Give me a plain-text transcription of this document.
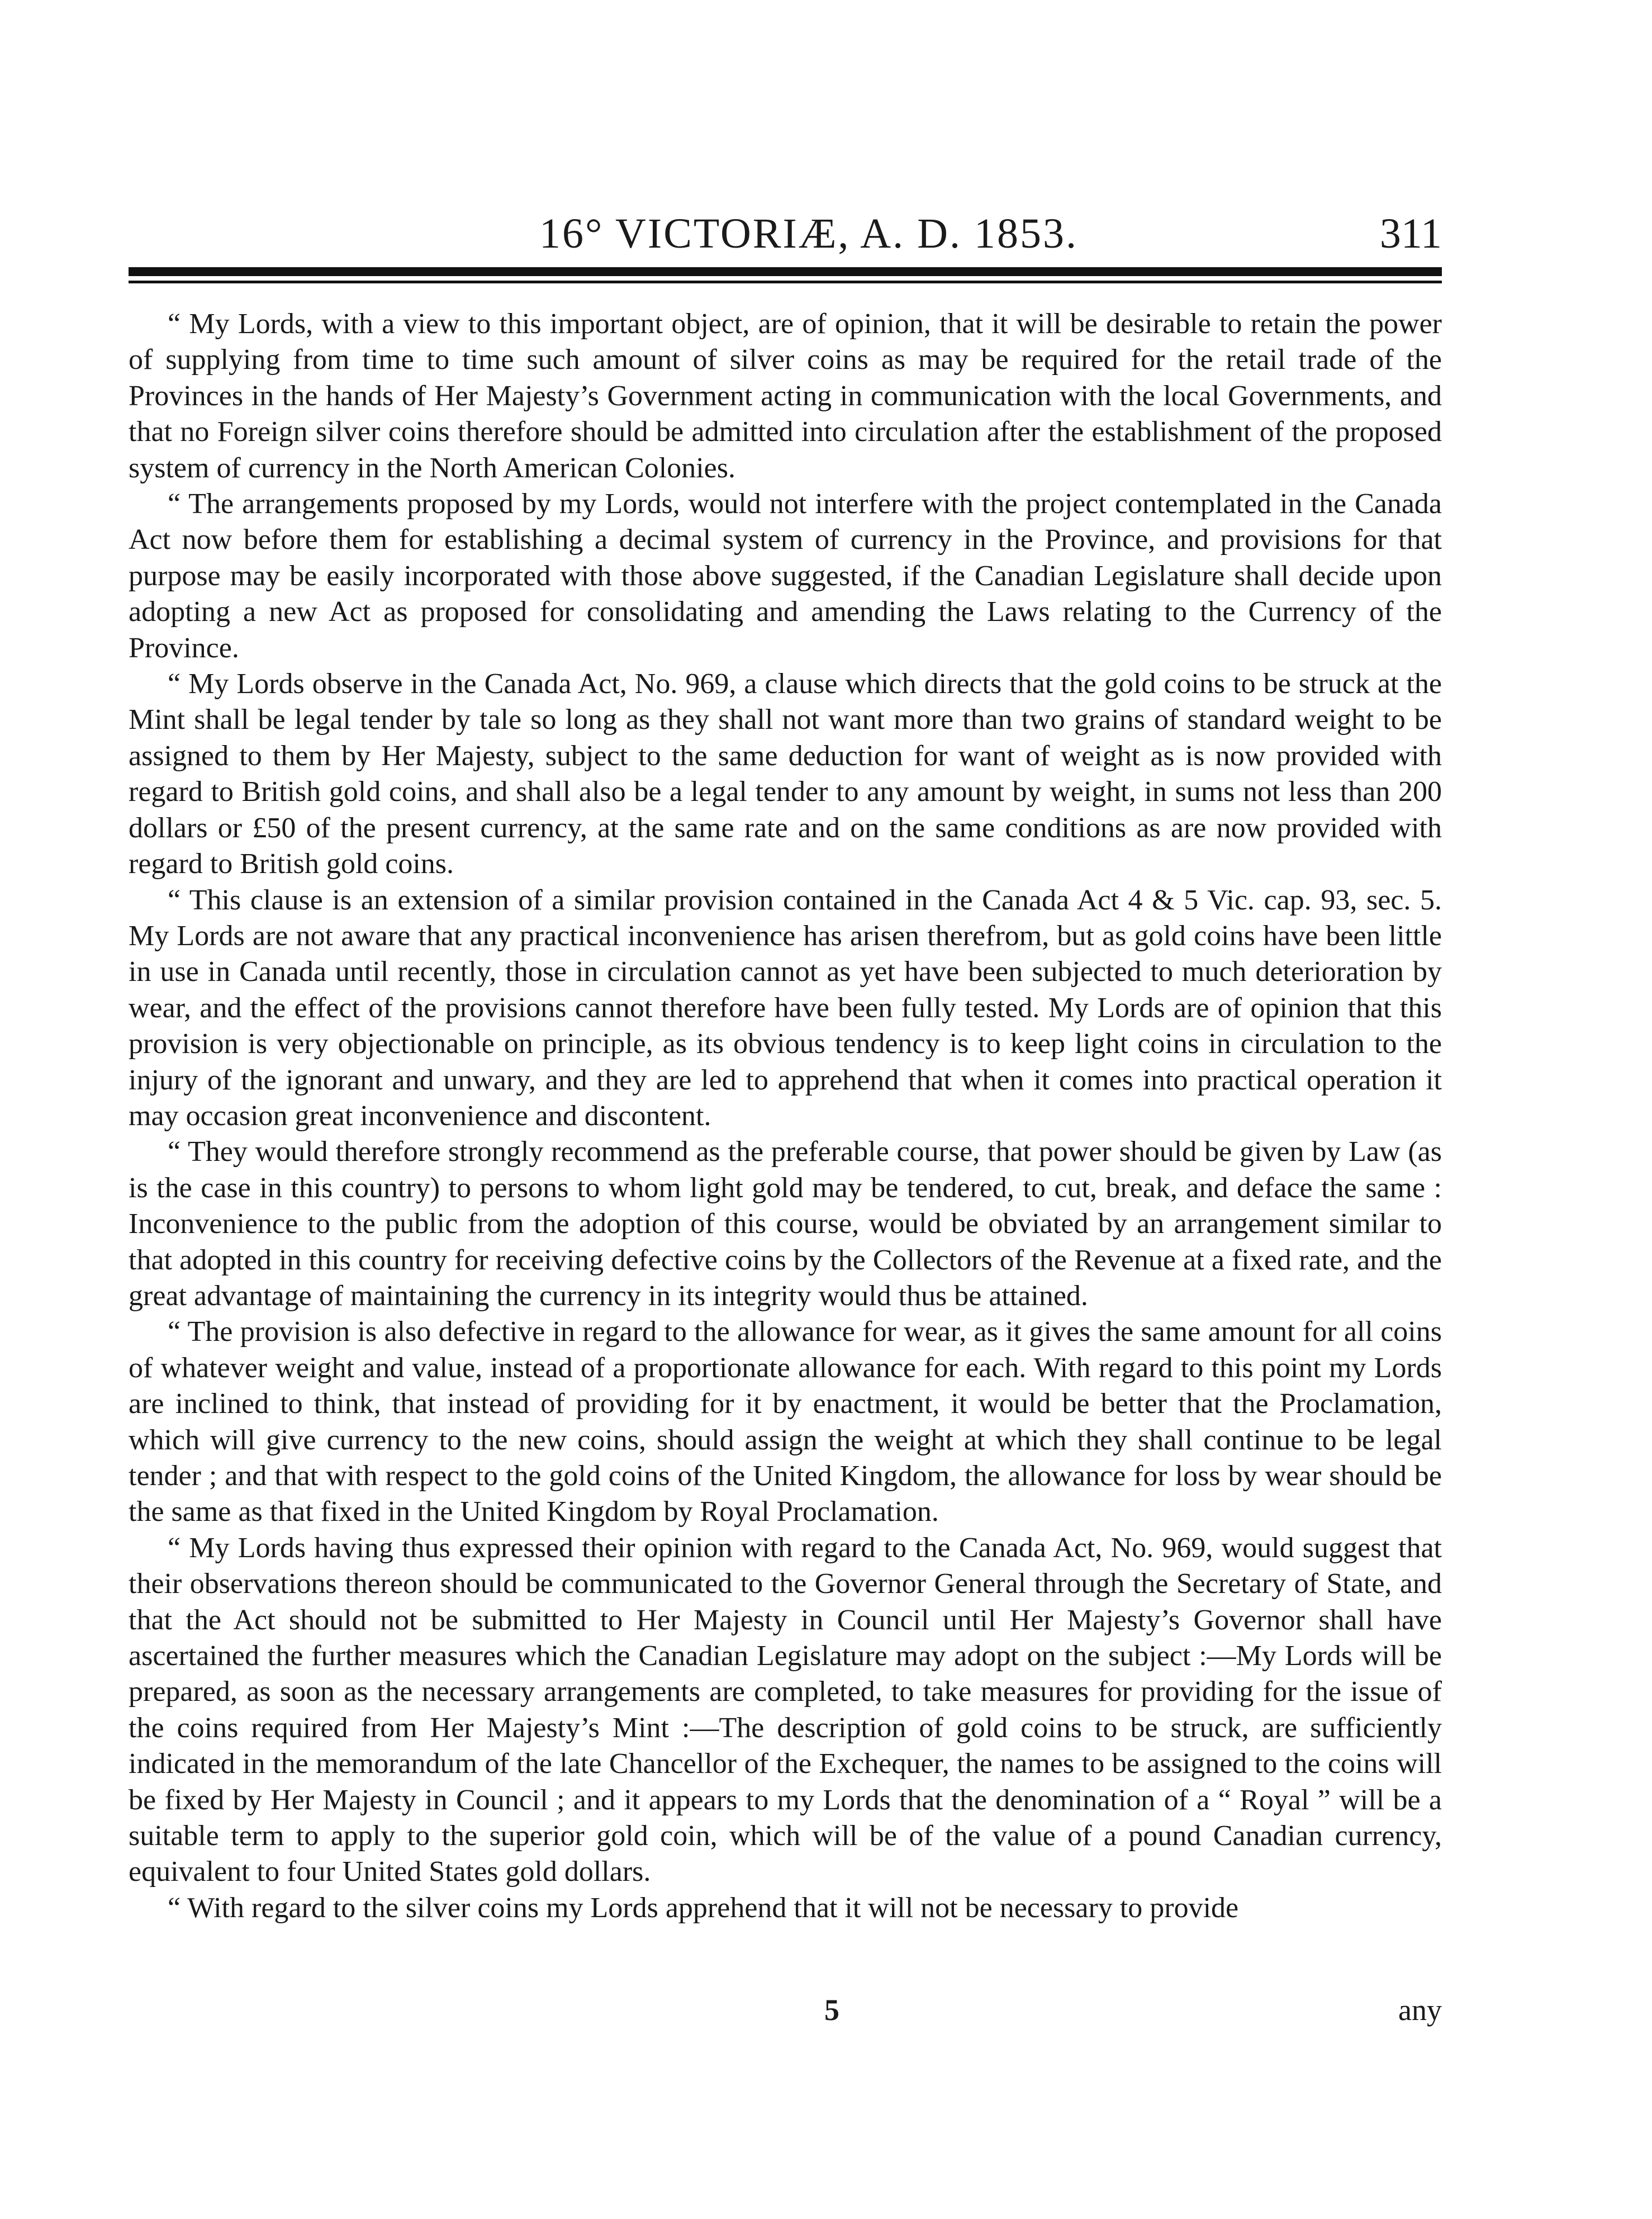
16° VICTORIÆ, A. D. 1853.	311

“ My Lords, with a view to this important object, are of opinion, that it will be desirable to retain the power of supplying from time to time such amount of silver coins as may be required for the retail trade of the Provinces in the hands of Her Majesty’s Government acting in communication with the local Governments, and that no Foreign silver coins therefore should be admitted into circulation after the establishment of the proposed system of currency in the North American Colonies.

“ The arrangements proposed by my Lords, would not interfere with the project contemplated in the Canada Act now before them for establishing a decimal system of currency in the Province, and provisions for that purpose may be easily incorporated with those above suggested, if the Canadian Legislature shall decide upon adopting a new Act as proposed for consolidating and amending the Laws relating to the Currency of the Province.

“ My Lords observe in the Canada Act, No. 969, a clause which directs that the gold coins to be struck at the Mint shall be legal tender by tale so long as they shall not want more than two grains of standard weight to be assigned to them by Her Majesty, subject to the same deduction for want of weight as is now provided with regard to British gold coins, and shall also be a legal tender to any amount by weight, in sums not less than 200 dollars or £50 of the present currency, at the same rate and on the same conditions as are now provided with regard to British gold coins.

“ This clause is an extension of a similar provision contained in the Canada Act 4 & 5 Vic. cap. 93, sec. 5. My Lords are not aware that any practical inconvenience has arisen therefrom, but as gold coins have been little in use in Canada until recently, those in circulation cannot as yet have been subjected to much deterioration by wear, and the effect of the provisions cannot therefore have been fully tested. My Lords are of opinion that this provision is very objectionable on principle, as its obvious tendency is to keep light coins in circulation to the injury of the ignorant and unwary, and they are led to apprehend that when it comes into practical operation it may occasion great inconvenience and discontent.

“ They would therefore strongly recommend as the preferable course, that power should be given by Law (as is the case in this country) to persons to whom light gold may be tendered, to cut, break, and deface the same : Inconvenience to the public from the adoption of this course, would be obviated by an arrangement similar to that adopted in this country for receiving defective coins by the Collectors of the Revenue at a fixed rate, and the great advantage of maintaining the currency in its integrity would thus be attained.

“ The provision is also defective in regard to the allowance for wear, as it gives the same amount for all coins of whatever weight and value, instead of a proportionate allowance for each. With regard to this point my Lords are inclined to think, that instead of providing for it by enactment, it would be better that the Proclamation, which will give currency to the new coins, should assign the weight at which they shall continue to be legal tender ; and that with respect to the gold coins of the United Kingdom, the allowance for loss by wear should be the same as that fixed in the United Kingdom by Royal Proclamation.

“ My Lords having thus expressed their opinion with regard to the Canada Act, No. 969, would suggest that their observations thereon should be communicated to the Governor General through the Secretary of State, and that the Act should not be submitted to Her Majesty in Council until Her Majesty’s Governor shall have ascertained the further measures which the Canadian Legislature may adopt on the subject :—My Lords will be prepared, as soon as the necessary arrangements are completed, to take measures for providing for the issue of the coins required from Her Majesty’s Mint :—The description of gold coins to be struck, are sufficiently indicated in the memorandum of the late Chancellor of the Exchequer, the names to be assigned to the coins will be fixed by Her Majesty in Council ; and it appears to my Lords that the denomination of a “ Royal ” will be a suitable term to apply to the superior gold coin, which will be of the value of a pound Canadian currency, equivalent to four United States gold dollars.

“ With regard to the silver coins my Lords apprehend that it will not be necessary to provide

5	any
